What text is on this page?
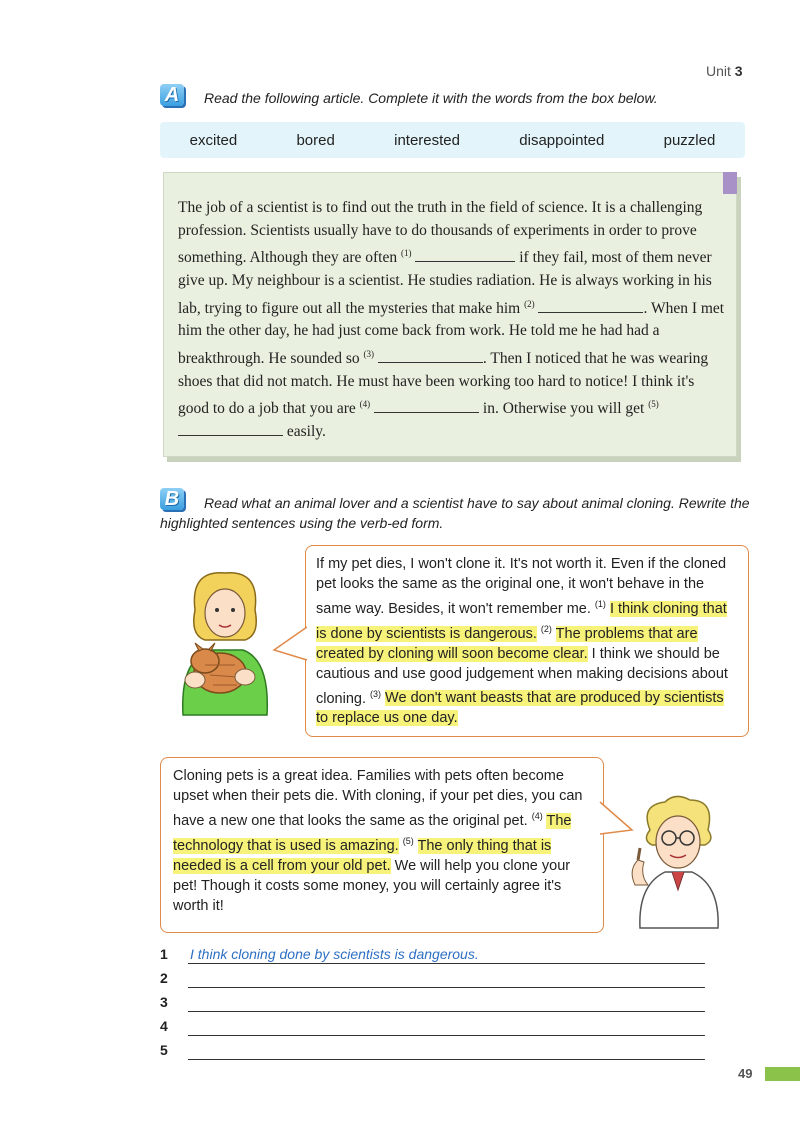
Unit 3
A	Read the following article. Complete it with the words from the box below.
excited	bored	interested	disappointed	puzzled
The job of a scientist is to find out the truth in the field of science. It is a challenging profession. Scientists usually have to do thousands of experiments in order to prove something. Although they are often $^{(1)}$	if they fail, most of them never give up. My neighbour is a scientist. He studies radiation. He is always working in his lab, trying to figure out all the mysteries that make him $^{(2)}$	. When I met him the other day, he had just come back from work. He told me he had had a breakthrough. He sounded so $^{(3)}$	. Then I noticed that he was wearing shoes that did not match. He must have been working too hard to notice! I think it's good to do a job that you are $^{(4)}$	in. Otherwise you will get $^{(5)}$  easily.
B	Read what an animal lover and a scientist have to say about animal cloning. Rewrite the highlighted sentences using the verb-ed form.
If my pet dies, I won't clone it. It's not worth it. Even if the cloned pet looks the same as the original one, it won't behave in the same way. Besides, it won't remember me. $^{(1)}$ I think cloning that is done by scientists is dangerous. $^{(2)}$ The problems that are created by cloning will soon become clear. I think we should be cautious and use good judgement when making decisions about cloning. $^{(3)}$ We don't want beasts that are produced by scientists to replace us one day.
Cloning pets is a great idea. Families with pets often become upset when their pets die. With cloning, if your pet dies, you can have a new one that looks the same as the original pet. $^{(4)}$ The technology that is used is amazing. $^{(5)}$ The only thing that is needed is a cell from your old pet. We will help you clone your pet! Though it costs some money, you will certainly agree it's worth it!
1 I think cloning done by scientists is dangerous.
2
3
4
5
49
